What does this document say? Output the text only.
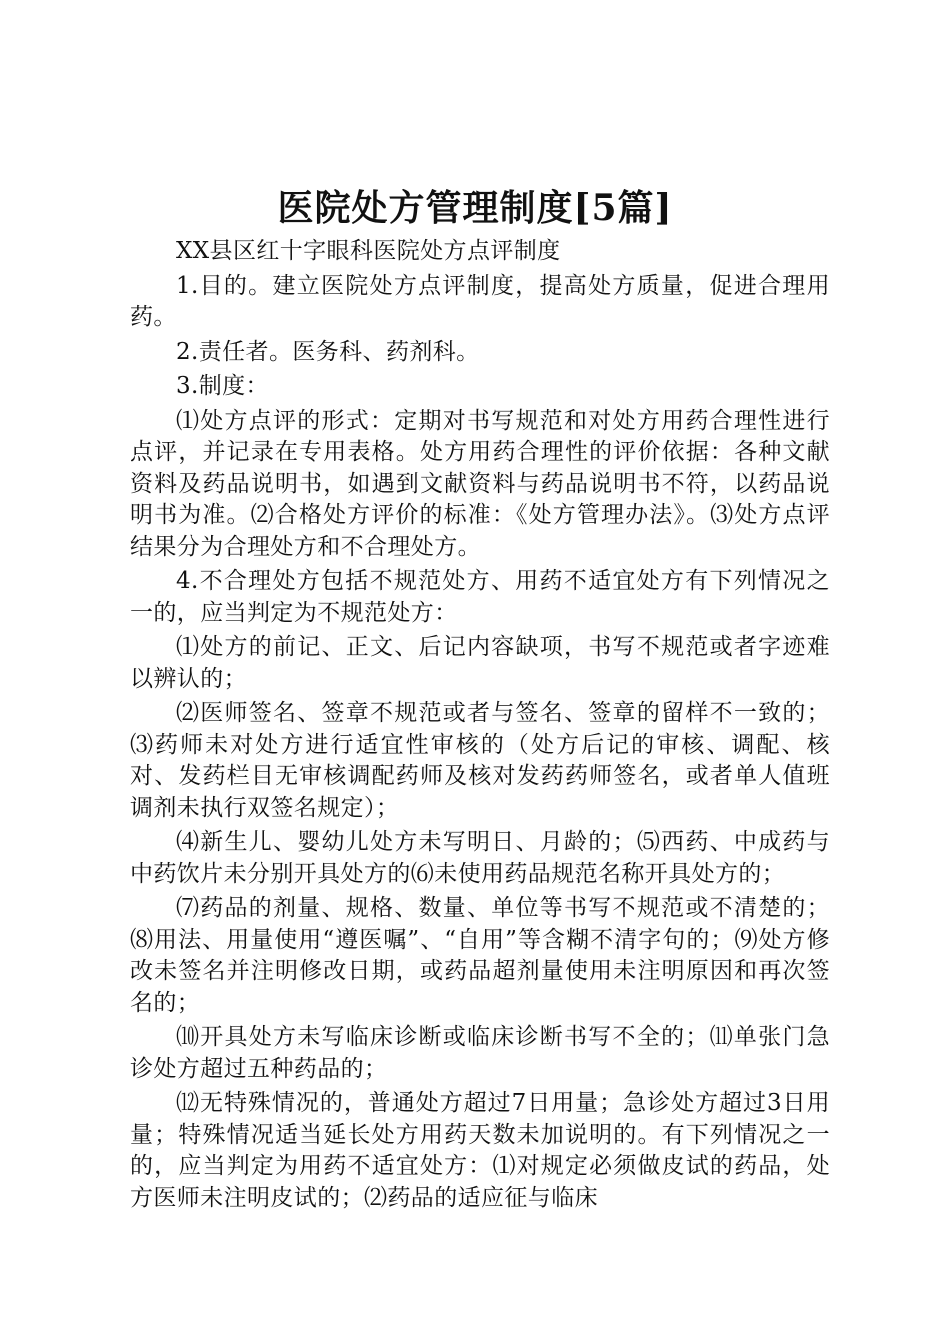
医院处方管理制度[5篇]

XX县区红十字眼科医院处方点评制度

1.目的。建立医院处方点评制度，提高处方质量，促进合理用药。

2.责任者。医务科、药剂科。

3.制度：

⑴处方点评的形式：定期对书写规范和对处方用药合理性进行点评，并记录在专用表格。处方用药合理性的评价依据：各种文献资料及药品说明书，如遇到文献资料与药品说明书不符，以药品说明书为准。⑵合格处方评价的标准：《处方管理办法》。⑶处方点评结果分为合理处方和不合理处方。

4.不合理处方包括不规范处方、用药不适宜处方有下列情况之一的，应当判定为不规范处方：

⑴处方的前记、正文、后记内容缺项，书写不规范或者字迹难以辨认的；

⑵医师签名、签章不规范或者与签名、签章的留样不一致的；⑶药师未对处方进行适宜性审核的（处方后记的审核、调配、核对、发药栏目无审核调配药师及核对发药药师签名，或者单人值班调剂未执行双签名规定）；

⑷新生儿、婴幼儿处方未写明日、月龄的；⑸西药、中成药与中药饮片未分别开具处方的⑹未使用药品规范名称开具处方的；

⑺药品的剂量、规格、数量、单位等书写不规范或不清楚的；⑻用法、用量使用“遵医嘱”、“自用”等含糊不清字句的；⑼处方修改未签名并注明修改日期，或药品超剂量使用未注明原因和再次签名的；

⑽开具处方未写临床诊断或临床诊断书写不全的；⑾单张门急诊处方超过五种药品的；

⑿无特殊情况的，普通处方超过7日用量；急诊处方超过3日用量；特殊情况适当延长处方用药天数未加说明的。有下列情况之一的，应当判定为用药不适宜处方：⑴对规定必须做皮试的药品，处方医师未注明皮试的；⑵药品的适应征与临床
